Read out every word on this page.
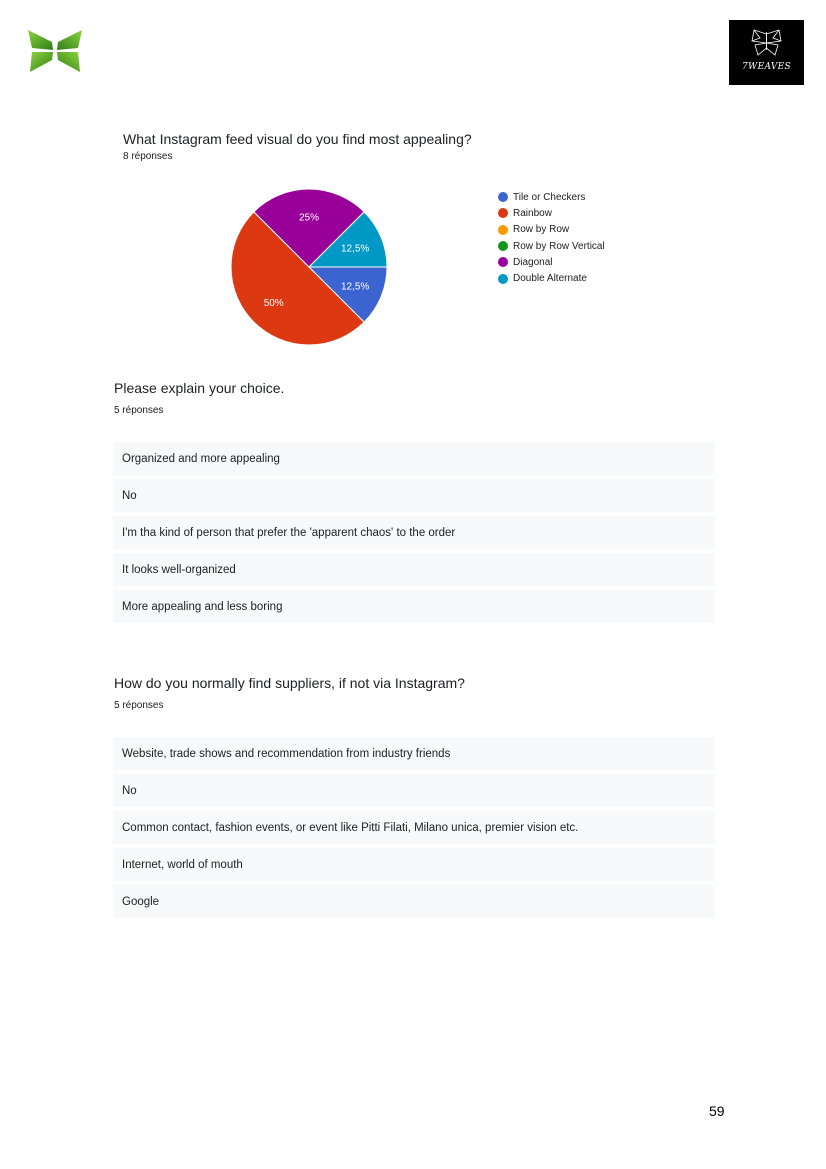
7WEAVES
What Instagram feed visual do you find most appealing?
8 réponses
12,5%
50%
25%
12,5%
Tile or Checkers
Rainbow
Row by Row
Row by Row Vertical
Diagonal
Double Alternate
Please explain your choice.
5 réponses
Organized and more appealing
No
I'm tha kind of person that prefer the 'apparent chaos' to the order
It looks well-organized
More appealing and less boring
How do you normally find suppliers, if not via Instagram?
5 réponses
Website, trade shows and recommendation from industry friends
No
Common contact, fashion events, or event like Pitti Filati, Milano unica, premier vision etc.
Internet, world of mouth
Google
59
